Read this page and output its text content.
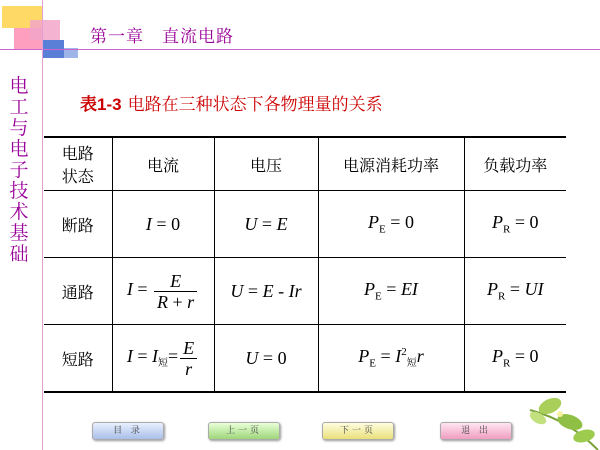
第一章　直流电路
电工与电子技术基础
表1-3 电路在三种状态下各物理量的关系
电路
状态	电流	电压	电源消耗功率	负载功率
断路	I = 0	U = E	$P_E = 0$	$P_R = 0$
通路	$I = \frac{E}{R + r}$	U = E - Ir	$P_E$ = EI	$P_R$ = UI
短路	$I = I_短= \frac{E}{r}$	U = 0	$P_E = I^2_短r$	$P_R = 0$
目 录	上一页	下一页	退 出
